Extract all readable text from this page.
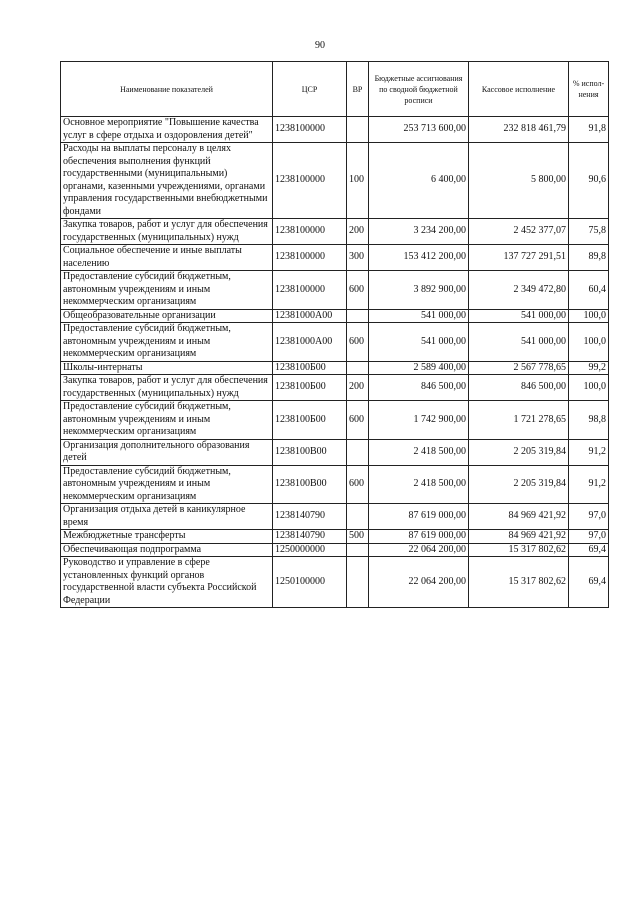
90
Наименование показателей	ЦСР	ВР	Бюджетные ассигнования по сводной бюджетной росписи	Кассовое исполнение	% испол-нения
Основное мероприятие "Повышение качества услуг в сфере отдыха и оздоровления детей"	1238100000		253 713 600,00	232 818 461,79	91,8
Расходы на выплаты персоналу в целях обеспечения выполнения функций государственными (муниципальными) органами, казенными учреждениями, органами управления государственными внебюджетными фондами	1238100000	100	6 400,00	5 800,00	90,6
Закупка товаров, работ и услуг для обеспечения государственных (муниципальных) нужд	1238100000	200	3 234 200,00	2 452 377,07	75,8
Социальное обеспечение и иные выплаты населению	1238100000	300	153 412 200,00	137 727 291,51	89,8
Предоставление субсидий бюджетным, автономным учреждениям и иным некоммерческим организациям	1238100000	600	3 892 900,00	2 349 472,80	60,4
Общеобразовательные организации	12381000А00		541 000,00	541 000,00	100,0
Предоставление субсидий бюджетным, автономным учреждениям и иным некоммерческим организациям	12381000А00	600	541 000,00	541 000,00	100,0
Школы-интернаты	1238100Б00		2 589 400,00	2 567 778,65	99,2
Закупка товаров, работ и услуг для обеспечения государственных (муниципальных) нужд	1238100Б00	200	846 500,00	846 500,00	100,0
Предоставление субсидий бюджетным, автономным учреждениям и иным некоммерческим организациям	1238100Б00	600	1 742 900,00	1 721 278,65	98,8
Организация дополнительного образования детей	1238100В00		2 418 500,00	2 205 319,84	91,2
Предоставление субсидий бюджетным, автономным учреждениям и иным некоммерческим организациям	1238100В00	600	2 418 500,00	2 205 319,84	91,2
Организация отдыха детей в каникулярное время	1238140790		87 619 000,00	84 969 421,92	97,0
Межбюджетные трансферты	1238140790	500	87 619 000,00	84 969 421,92	97,0
Обеспечивающая подпрограмма	1250000000		22 064 200,00	15 317 802,62	69,4
Руководство и управление в сфере установленных функций органов государственной власти субъекта Российской Федерации	1250100000		22 064 200,00	15 317 802,62	69,4
